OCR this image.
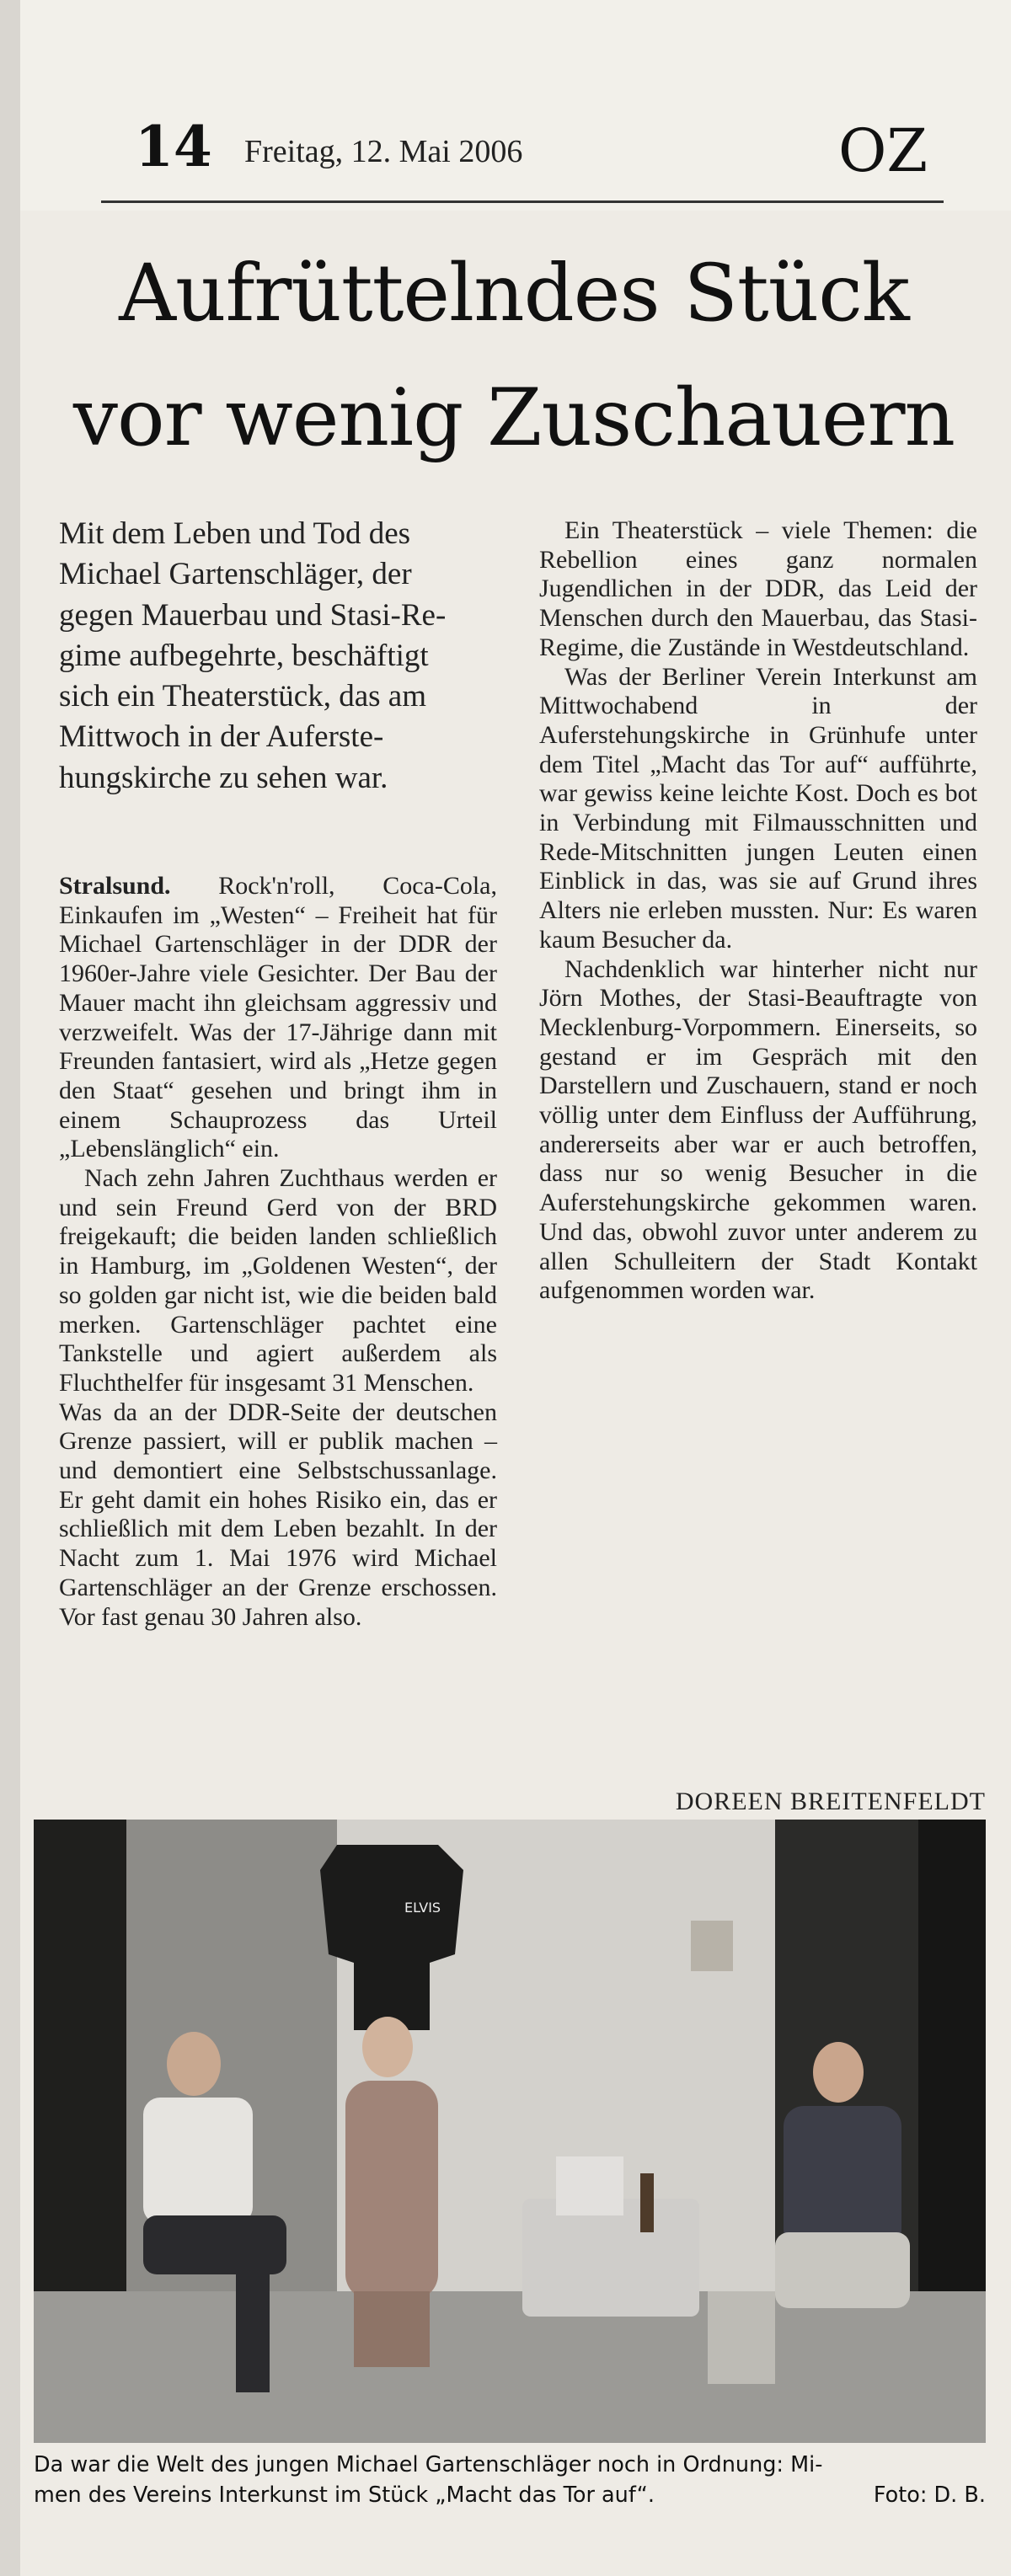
14 Freitag, 12. Mai 2006	OZ
Aufrüttelndes Stück
vor wenig Zuschauern
Mit dem Leben und Tod des
Michael Gartenschläger, der
gegen Mauerbau und Stasi-Re-
gime aufbegehrte, beschäftigt
sich ein Theaterstück, das am
Mittwoch in der Auferste-
hungskirche zu sehen war.

Stralsund. Rock'n'roll, Coca-Cola, Einkaufen im „Westen“ – Freiheit hat für Michael Gartenschläger in der DDR der 1960er-Jahre viele Gesichter. Der Bau der Mauer macht ihn gleichsam aggressiv und verzweifelt. Was der 17-Jährige dann mit Freunden fantasiert, wird als „Hetze gegen den Staat“ gesehen und bringt ihm in einem Schauprozess das Urteil „Lebenslänglich“ ein.

Nach zehn Jahren Zuchthaus werden er und sein Freund Gerd von der BRD freigekauft; die beiden landen schließlich in Hamburg, im „Goldenen Westen“, der so golden gar nicht ist, wie die beiden bald merken. Gartenschläger pachtet eine Tankstelle und agiert außerdem als Fluchthelfer für insgesamt 31 Menschen.

Was da an der DDR-Seite der deutschen Grenze passiert, will er publik machen – und demontiert eine Selbstschussanlage. Er geht damit ein hohes Risiko ein, das er schließlich mit dem Leben bezahlt. In der Nacht zum 1. Mai 1976 wird Michael Gartenschläger an der Grenze erschossen. Vor fast genau 30 Jahren also.

Ein Theaterstück – viele Themen: die Rebellion eines ganz normalen Jugendlichen in der DDR, das Leid der Menschen durch den Mauerbau, das Stasi-Regime, die Zustände in Westdeutschland.

Was der Berliner Verein Interkunst am Mittwochabend in der Auferstehungskirche in Grünhufe unter dem Titel „Macht das Tor auf“ aufführte, war gewiss keine leichte Kost. Doch es bot in Verbindung mit Filmausschnitten und Rede-Mitschnitten jungen Leuten einen Einblick in das, was sie auf Grund ihres Alters nie erleben mussten. Nur: Es waren kaum Besucher da.

Nachdenklich war hinterher nicht nur Jörn Mothes, der Stasi-Beauftragte von Mecklenburg-Vorpommern. Einerseits, so gestand er im Gespräch mit den Darstellern und Zuschauern, stand er noch völlig unter dem Einfluss der Aufführung, andererseits aber war er auch betroffen, dass nur so wenig Besucher in die Auferstehungskirche gekommen waren. Und das, obwohl zuvor unter anderem zu allen Schulleitern der Stadt Kontakt aufgenommen worden war.

DOREEN BREITENFELDT
ELVIS

Da war die Welt des jungen Michael Gartenschläger noch in Ordnung: Mi-

men des Vereins Interkunst im Stück „Macht das Tor auf“.	Foto: D. B.
